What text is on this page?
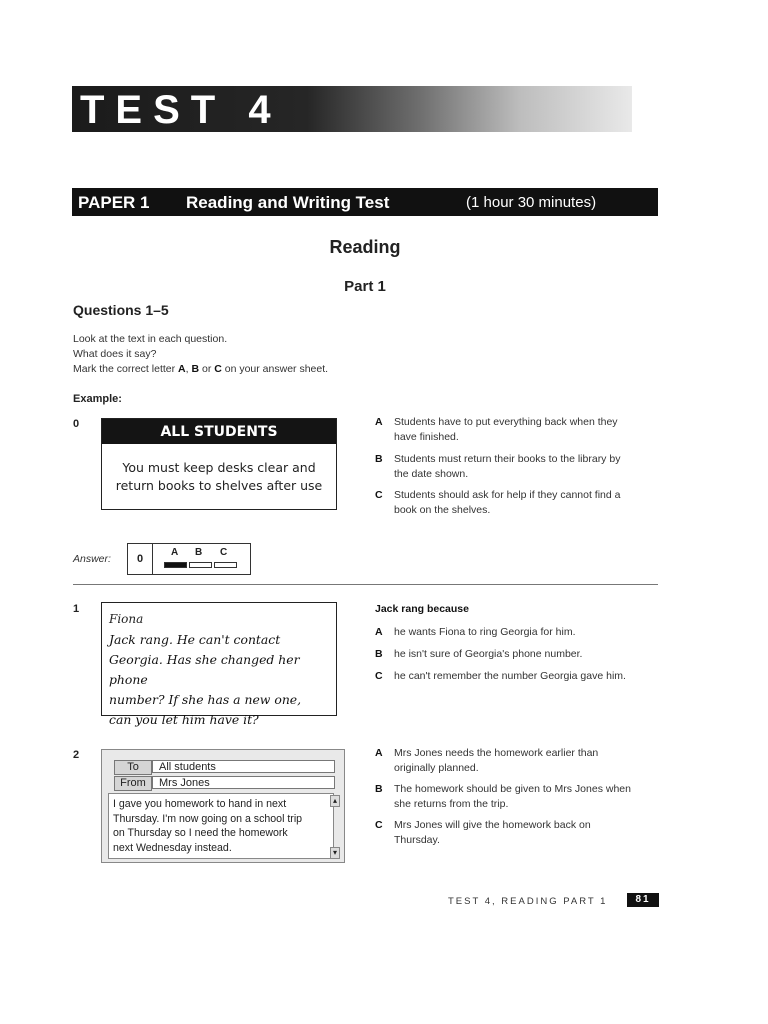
TEST 4
PAPER 1 Reading and Writing Test	(1 hour 30 minutes)
Reading
Part 1
Questions 1–5
Look at the text in each question.
What does it say?
Mark the correct letter A, B or C on your answer sheet.
Example:
0	ALL STUDENTS
You must keep desks clear and
return books to shelves after use
A Students have to put everything back when they
have finished.
B Students must return their books to the library by
the date shown.
C Students should ask for help if they cannot find a
book on the shelves.
Answer:	0
A B C
1
Fiona
Jack rang. He can't contact
Georgia. Has she changed her phone
number? If she has a new one,
can you let him have it?
Jack rang because
A he wants Fiona to ring Georgia for him.
B he isn't sure of Georgia's phone number.
C he can't remember the number Georgia gave him.
2
To	All students
From	Mrs Jones
I gave you homework to hand in next
Thursday. I'm now going on a school trip
on Thursday so I need the homework
next Wednesday instead.
▴
▾
A Mrs Jones needs the homework earlier than
originally planned.
B The homework should be given to Mrs Jones when
she returns from the trip.
C Mrs Jones will give the homework back on
Thursday.
TEST 4, READING PART 1	81
